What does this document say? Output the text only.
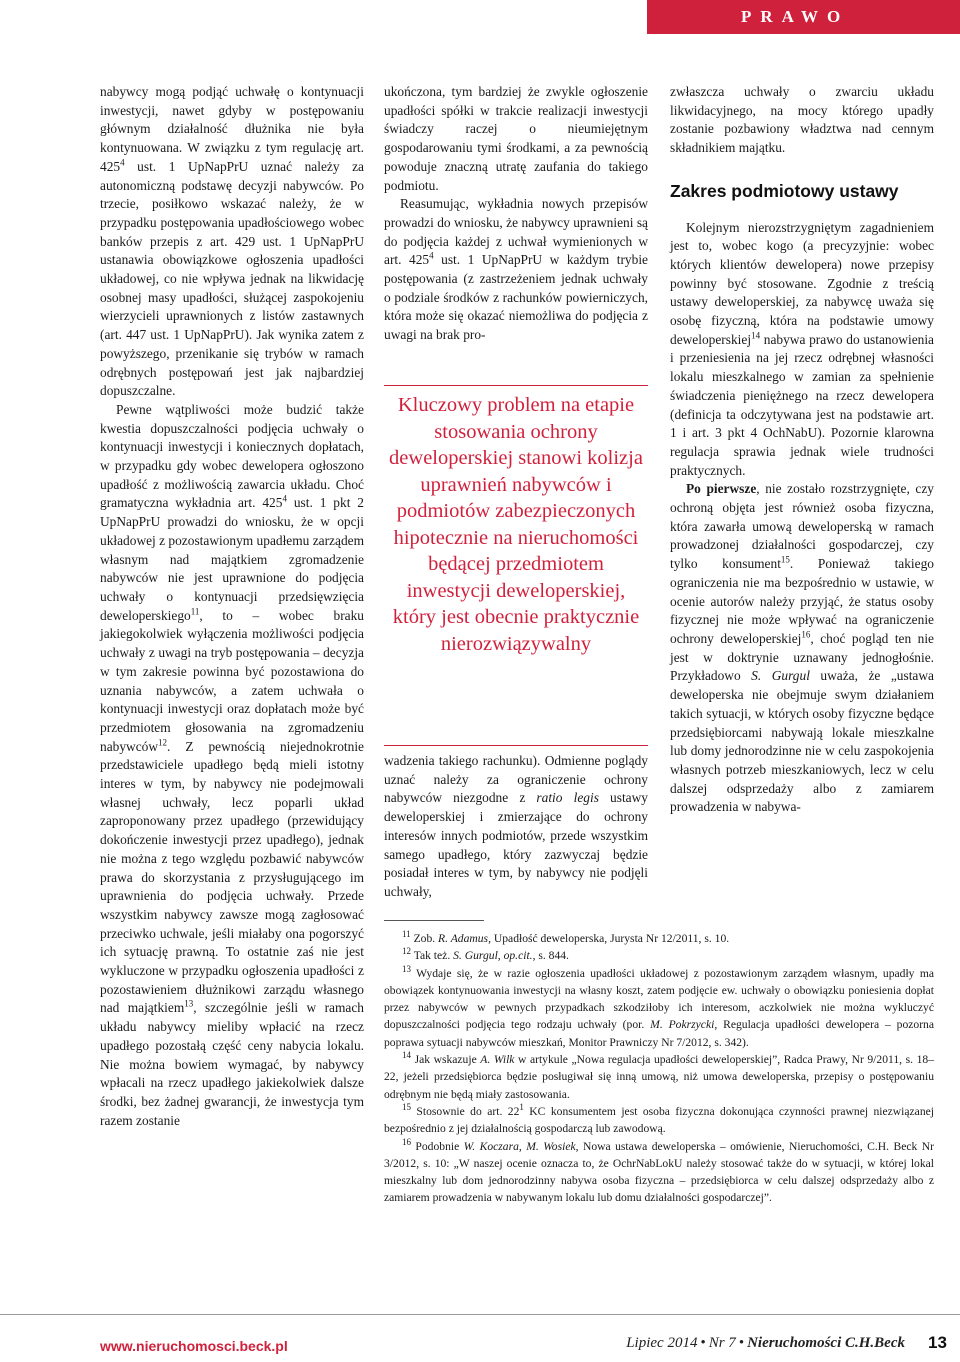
PRAWO

nabywcy mogą podjąć uchwałę o kontynuacji inwestycji, nawet gdyby w postępowaniu głównym działalność dłużnika nie była kontynuowana. W związku z tym regulację art. $425^4$ ust. 1 UpNapPrU uznać należy za autonomiczną podstawę decyzji nabywców. Po trzecie, posiłkowo wskazać należy, że w przypadku postępowania upadłościowego wobec banków przepis z art. 429 ust. 1 UpNapPrU ustanawia obowiązkowe ogłoszenia upadłości układowej, co nie wpływa jednak na likwidację osobnej masy upadłości, służącej zaspokojeniu wierzycieli uprawnionych z listów zastawnych (art. 447 ust. 1 UpNapPrU). Jak wynika zatem z powyższego, przenikanie się trybów w ramach odrębnych postępowań jest jak najbardziej dopuszczalne.

Pewne wątpliwości może budzić także kwestia dopuszczalności podjęcia uchwały o kontynuacji inwestycji i koniecznych dopłatach, w przypadku gdy wobec dewelopera ogłoszono upadłość z możliwością zawarcia układu. Choć gramatyczna wykładnia art. $425^4$ ust. 1 pkt 2 UpNapPrU prowadzi do wniosku, że w opcji układowej z pozostawionym upadłemu zarządem własnym nad majątkiem zgromadzenie nabywców nie jest uprawnione do podjęcia uchwały o kontynuacji przedsięwzięcia deweloperskiego$^{11}$, to – wobec braku jakiegokolwiek wyłączenia możliwości podjęcia uchwały z uwagi na tryb postępowania – decyzja w tym zakresie powinna być pozostawiona do uznania nabywców, a zatem uchwała o kontynuacji inwestycji oraz dopłatach może być przedmiotem głosowania na zgromadzeniu nabywców$^{12}$. Z pewnością niejednokrotnie przedstawiciele upadłego będą mieli istotny interes w tym, by nabywcy nie podejmowali własnej uchwały, lecz poparli układ zaproponowany przez upadłego (przewidujący dokończenie inwestycji przez upadłego), jednak nie można z tego względu pozbawić nabywców prawa do skorzystania z przysługującego im uprawnienia do podjęcia uchwały. Przede wszystkim nabywcy zawsze mogą zagłosować przeciwko uchwale, jeśli miałaby ona pogorszyć ich sytuację prawną. To ostatnie zaś nie jest wykluczone w przypadku ogłoszenia upadłości z pozostawieniem dłużnikowi zarządu własnego nad majątkiem$^{13}$, szczególnie jeśli w ramach układu nabywcy mieliby wpłacić na rzecz upadłego pozostałą część ceny nabycia lokalu. Nie można bowiem wymagać, by nabywcy wpłacali na rzecz upadłego jakiekolwiek dalsze środki, bez żadnej gwarancji, że inwestycja tym razem zostanie

ukończona, tym bardziej że zwykle ogłoszenie upadłości spółki w trakcie realizacji inwestycji świadczy raczej o nieumiejętnym gospodarowaniu tymi środkami, a za pewnością powoduje znaczną utratę zaufania do takiego podmiotu.

Reasumując, wykładnia nowych przepisów prowadzi do wniosku, że nabywcy uprawnieni są do podjęcia każdej z uchwał wymienionych w art. $425^4$ ust. 1 UpNapPrU w każdym trybie postępowania (z zastrzeżeniem jednak uchwały o podziale środków z rachunków powierniczych, która może się okazać niemożliwa do podjęcia z uwagi na brak pro-

Kluczowy problem na etapie stosowania ochrony deweloperskiej stanowi kolizja uprawnień nabywców i podmiotów zabezpieczonych hipotecznie na nieruchomości będącej przedmiotem inwestycji deweloperskiej, który jest obecnie praktycznie nierozwiązywalny

wadzenia takiego rachunku). Odmienne poglądy uznać należy za ograniczenie ochrony nabywców niezgodne z ratio legis ustawy deweloperskiej i zmierzające do ochrony interesów innych podmiotów, przede wszystkim samego upadłego, który zazwyczaj będzie posiadał interes w tym, by nabywcy nie podjęli uchwały,

zwłaszcza uchwały o zwarciu układu likwidacyjnego, na mocy którego upadły zostanie pozbawiony władztwa nad cennym składnikiem majątku.

Zakres podmiotowy ustawy

Kolejnym nierozstrzygniętym zagadnieniem jest to, wobec kogo (a precyzyjnie: wobec których klientów dewelopera) nowe przepisy powinny być stosowane. Zgodnie z treścią ustawy deweloperskiej, za nabywcę uważa się osobę fizyczną, która na podstawie umowy deweloperskiej$^{14}$ nabywa prawo do ustanowienia i przeniesienia na jej rzecz odrębnej własności lokalu mieszkalnego w zamian za spełnienie świadczenia pieniężnego na rzecz dewelopera (definicja ta odczytywana jest na podstawie art. 1 i art. 3 pkt 4 OchNabU). Pozornie klarowna regulacja sprawia jednak wiele trudności praktycznych.

Po pierwsze, nie zostało rozstrzygnięte, czy ochroną objęta jest również osoba fizyczna, która zawarła umową deweloperską w ramach prowadzonej działalności gospodarczej, czy tylko konsument$^{15}$. Ponieważ takiego ograniczenia nie ma bezpośrednio w ustawie, w ocenie autorów należy przyjąć, że status osoby fizycznej nie może wpływać na ograniczenie ochrony deweloperskiej$^{16}$, choć pogląd ten nie jest w doktrynie uznawany jednogłośnie. Przykładowo S. Gurgul uważa, że „ustawa deweloperska nie obejmuje swym działaniem takich sytuacji, w których osoby fizyczne będące przedsiębiorcami nabywają lokale mieszkalne lub domy jednorodzinne nie w celu zaspokojenia własnych potrzeb mieszkaniowych, lecz w celu dalszej odsprzedaży albo z zamiarem prowadzenia w nabywa-

$^{11}$ Zob. R. Adamus, Upadłość deweloperska, Jurysta Nr 12/2011, s. 10.

$^{12}$ Tak też. S. Gurgul, op.cit., s. 844.

$^{13}$ Wydaje się, że w razie ogłoszenia upadłości układowej z pozostawionym zarządem własnym, upadły ma obowiązek kontynuowania inwestycji na własny koszt, zatem podjęcie ew. uchwały o obowiązku poniesienia dopłat przez nabywców w pewnych przypadkach szkodziłoby ich interesom, aczkolwiek nie można wykluczyć dopuszczalności podjęcia tego rodzaju uchwały (por. M. Pokrzycki, Regulacja upadłości dewelopera – pozorna poprawa sytuacji nabywców mieszkań, Monitor Prawniczy Nr 7/2012, s. 342).

$^{14}$ Jak wskazuje A. Wilk w artykule „Nowa regulacja upadłości deweloperskiej”, Radca Prawy, Nr 9/2011, s. 18–22, jeżeli przedsiębiorca będzie posługiwał się inną umową, niż umowa deweloperska, przepisy o postępowaniu odrębnym nie będą miały zastosowania.

$^{15}$ Stosownie do art. $22^1$ KC konsumentem jest osoba fizyczna dokonująca czynności prawnej niezwiązanej bezpośrednio z jej działalnością gospodarczą lub zawodową.

$^{16}$ Podobnie W. Koczara, M. Wosiek, Nowa ustawa deweloperska – omówienie, Nieruchomości, C.H. Beck Nr 3/2012, s. 10: „W naszej ocenie oznacza to, że OchrNabLokU należy stosować także do w sytuacji, w której lokal mieszkalny lub dom jednorodzinny nabywa osoba fizyczna – przedsiębiorca w celu dalszej odsprzedaży albo z zamiarem prowadzenia w nabywanym lokalu lub domu działalności gospodarczej”.

www.nieruchomosci.beck.pl	Lipiec 2014 • Nr 7 • Nieruchomości C.H.Beck	13
